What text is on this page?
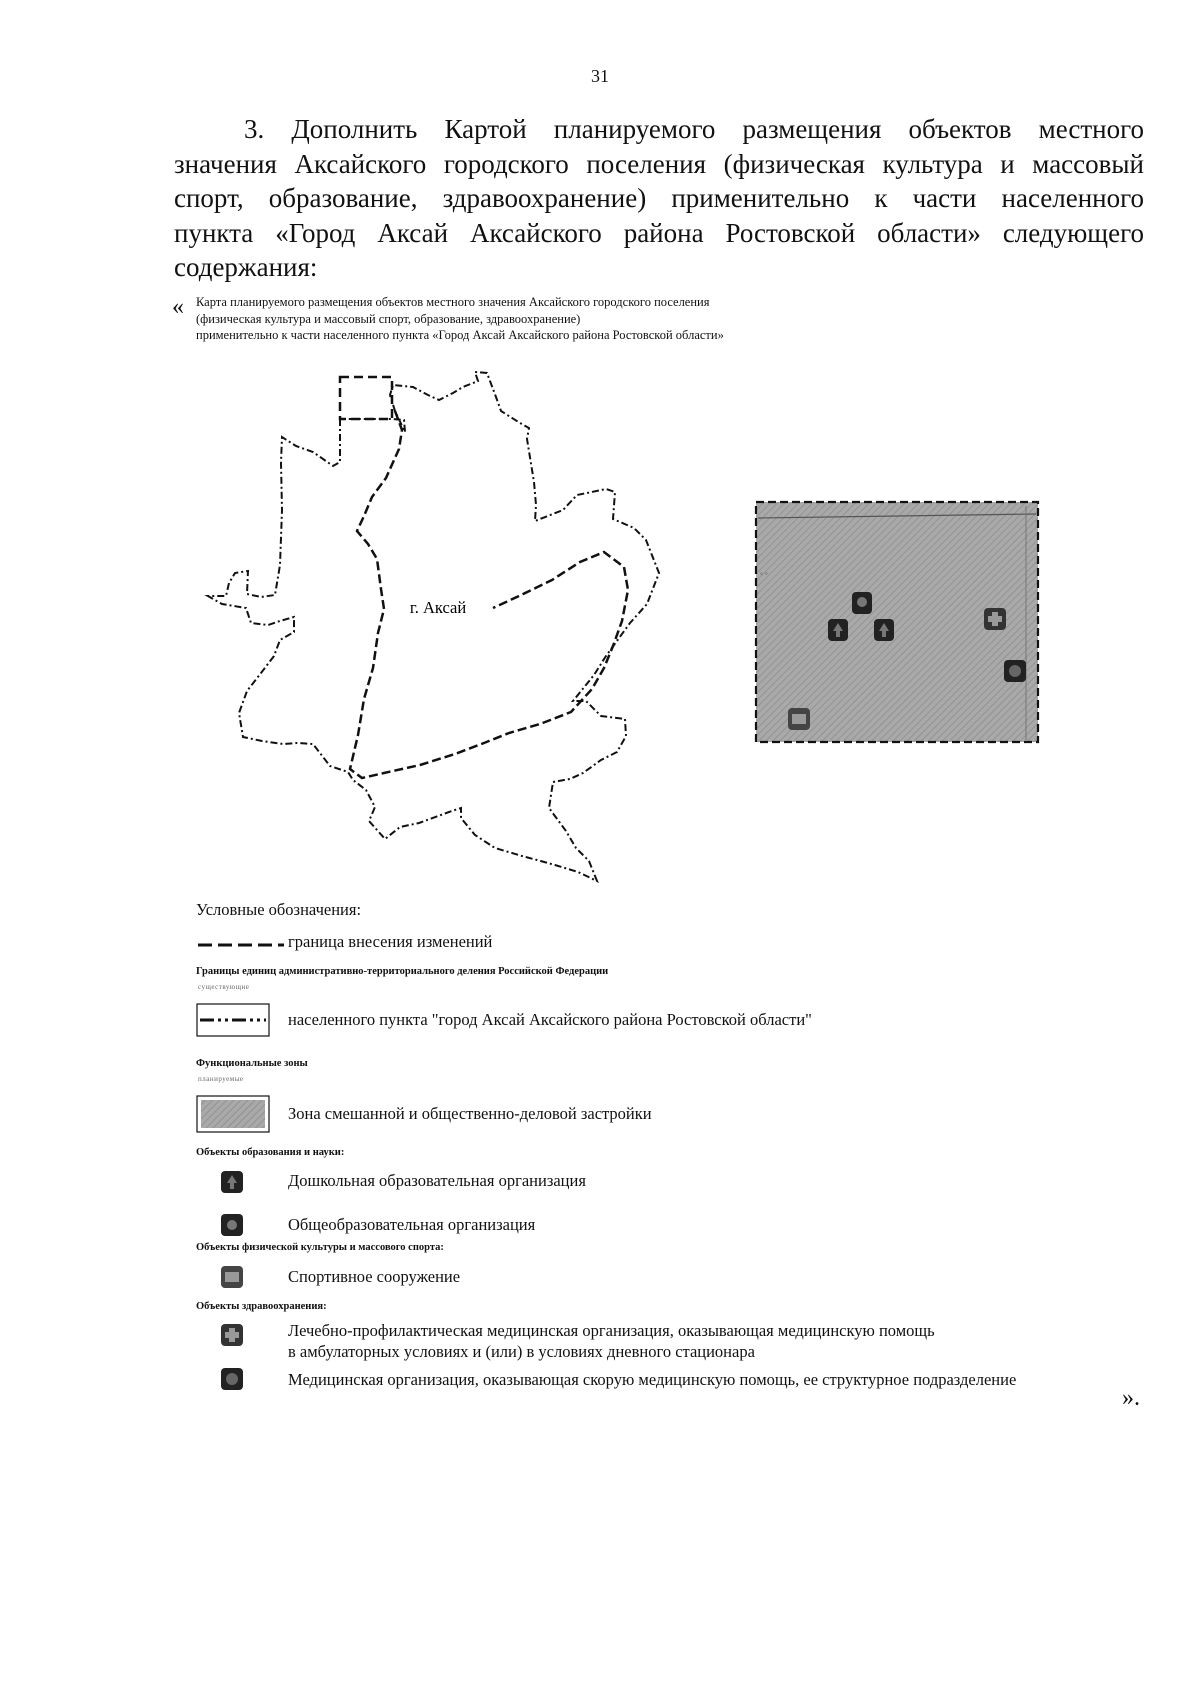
31
3. Дополнить Картой планируемого размещения объектов местного
значения Аксайского городского поселения (физическая культура и массовый
спорт, образование, здравоохранение) применительно к части населенного
пункта «Город Аксай Аксайского района Ростовской области» следующего
содержания:
« Карта планируемого размещения объектов местного значения Аксайского городского поселения
(физическая культура и массовый спорт, образование, здравоохранение)
применительно к части населенного пункта «Город Аксай Аксайского района Ростовской области»
г. Аксай
◦ ◦
Условные обозначения:
граница внесения изменений
Границы единиц административно-территориального деления Российской Федерации
существующие
населенного пункта "город Аксай Аксайского района Ростовской области"
Функциональные зоны
планируемые
Зона смешанной и общественно-деловой застройки
Объекты образования и науки:
Дошкольная образовательная организация
Общеобразовательная организация
Объекты физической культуры и массового спорта:
Спортивное сооружение
Объекты здравоохранения:
Лечебно-профилактическая медицинская организация, оказывающая медицинскую помощь
в амбулаторных условиях и (или) в условиях дневного стационара
Медицинская организация, оказывающая скорую медицинскую помощь, ее структурное подразделение
».
